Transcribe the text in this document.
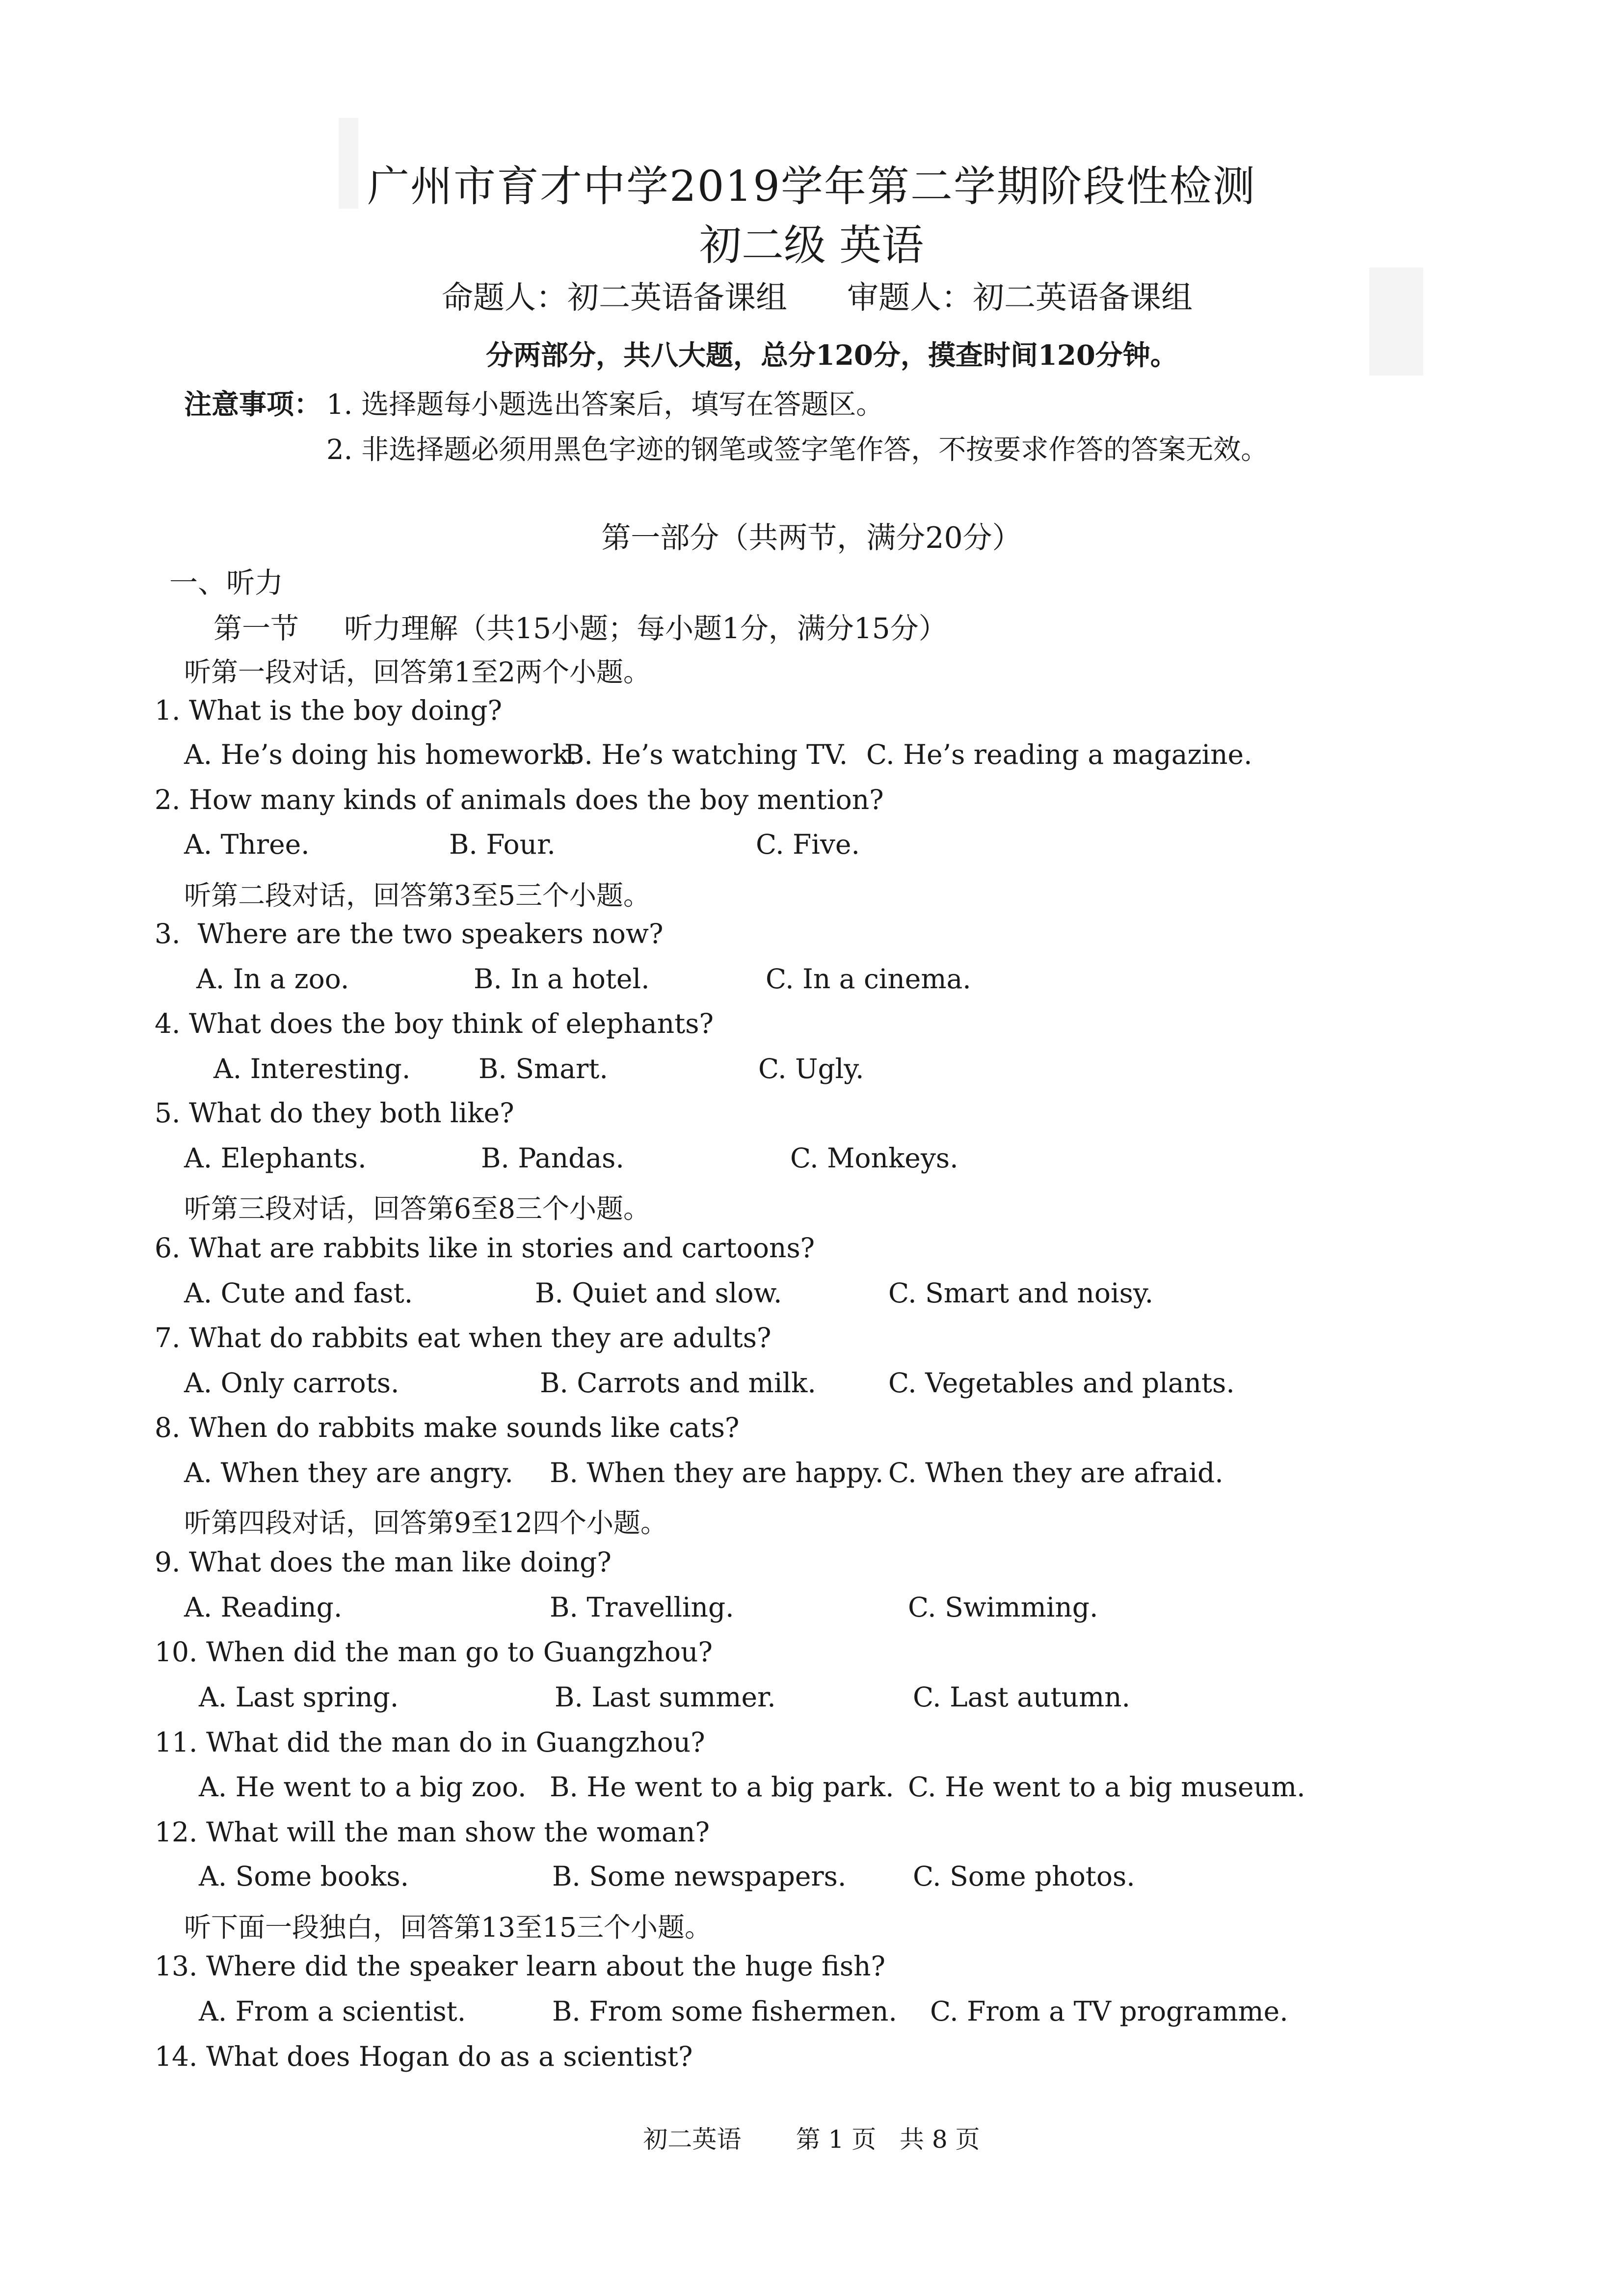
广州市育才中学2019学年第二学期阶段性检测
初二级 英语
命题人：初二英语备课组      审题人：初二英语备课组
分两部分，共八大题，总分120分，摸查时间120分钟。
注意事项： 1. 选择题每小题选出答案后，填写在答题区。
2. 非选择题必须用黑色字迹的钢笔或签字笔作答，不按要求作答的答案无效。
第一部分（共两节，满分20分）
一、听力
第一节     听力理解（共15小题；每小题1分，满分15分）
听第一段对话，回答第1至2两个小题。
1. What is the boy doing?
A. He’s doing his homework.
B. He’s watching TV. C. He’s reading a magazine.
2. How many kinds of animals does the boy mention?
A. Three.	B. Four.	C. Five.
听第二段对话，回答第3至5三个小题。
3.  Where are the two speakers now?
A. In a zoo.	B. In a hotel.	C. In a cinema.
4. What does the boy think of elephants?
A. Interesting.	B. Smart.	C. Ugly.
5. What do they both like?
A. Elephants.	B. Pandas.	C. Monkeys.
听第三段对话，回答第6至8三个小题。
6. What are rabbits like in stories and cartoons?
A. Cute and fast.	B. Quiet and slow.	C. Smart and noisy.
7. What do rabbits eat when they are adults?
A. Only carrots.	B. Carrots and milk.	C. Vegetables and plants.
8. When do rabbits make sounds like cats?
A. When they are angry. B. When they are happy. C. When they are afraid.
听第四段对话，回答第9至12四个小题。
9. What does the man like doing?
A. Reading.	B. Travelling.	C. Swimming.
10. When did the man go to Guangzhou?
A. Last spring.	B. Last summer.	C. Last autumn.
11. What did the man do in Guangzhou?
A. He went to a big zoo. B. He went to a big park. C. He went to a big museum.
12. What will the man show the woman?
A. Some books.	B. Some newspapers. C. Some photos.
听下面一段独白，回答第13至15三个小题。
13. Where did the speaker learn about the huge fish?
A. From a scientist.	B. From some fishermen. C. From a TV programme.
14. What does Hogan do as a scientist?
初二英语       第 1 页   共 8 页
